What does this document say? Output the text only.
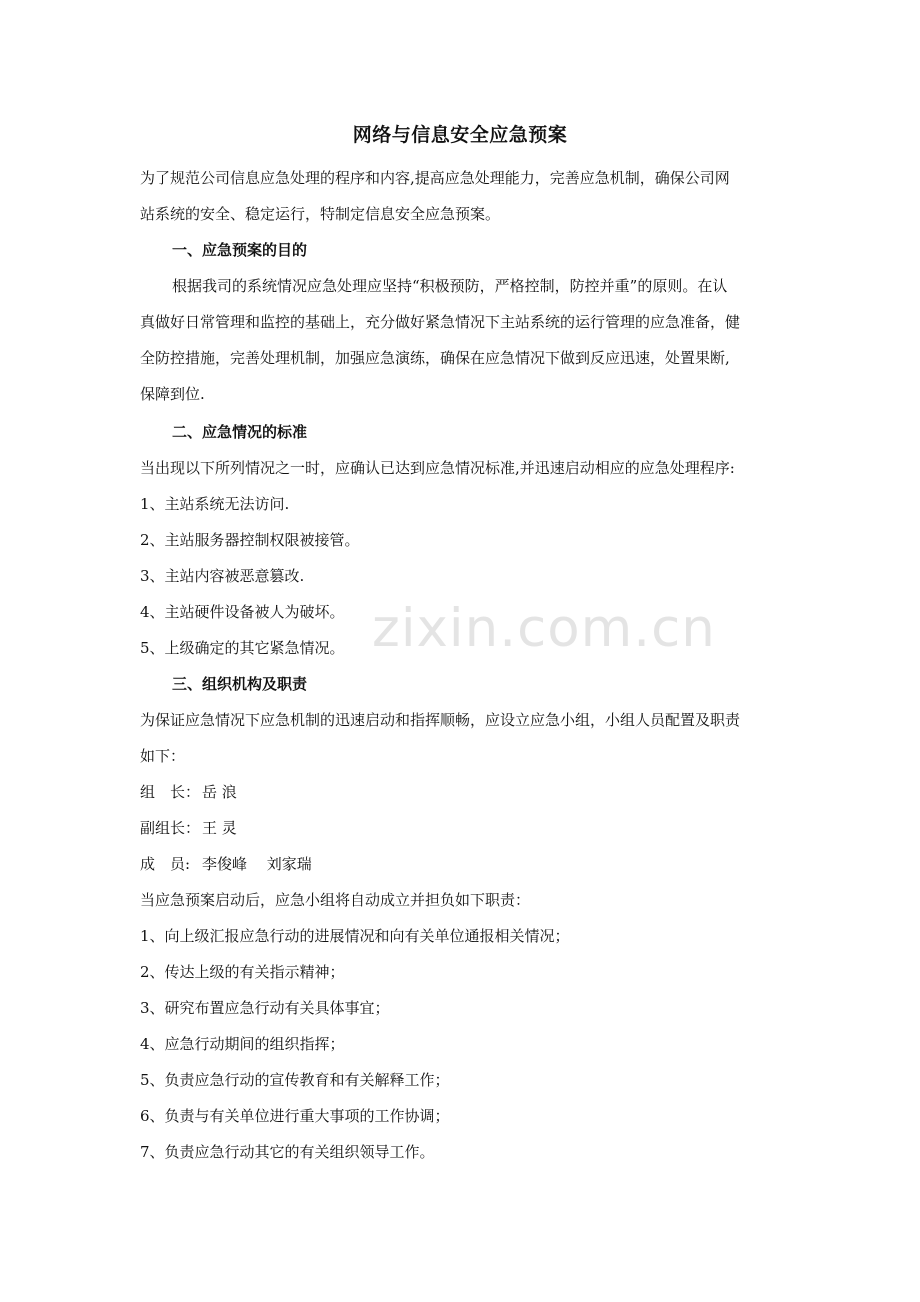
zixin.com.cn
网络与信息安全应急预案
为了规范公司信息应急处理的程序和内容,提高应急处理能力，完善应急机制，确保公司网
站系统的安全、稳定运行，特制定信息安全应急预案。
一、应急预案的目的
根据我司的系统情况应急处理应坚持“积极预防，严格控制，防控并重”的原则。在认
真做好日常管理和监控的基础上，充分做好紧急情况下主站系统的运行管理的应急准备，健
全防控措施，完善处理机制，加强应急演练，确保在应急情况下做到反应迅速，处置果断,
保障到位.
二、应急情况的标准
当出现以下所列情况之一时，应确认已达到应急情况标准,并迅速启动相应的应急处理程序:
1、主站系统无法访问.
2、主站服务器控制权限被接管。
3、主站内容被恶意篡改.
4、主站硬件设备被人为破坏。
5、上级确定的其它紧急情况。
三、组织机构及职责
为保证应急情况下应急机制的迅速启动和指挥顺畅，应设立应急小组，小组人员配置及职责
如下：
组　长： 岳 浪
副组长： 王 灵
成　员: 李俊峰　 刘家瑞
当应急预案启动后，应急小组将自动成立并担负如下职责：
1、向上级汇报应急行动的进展情况和向有关单位通报相关情况；
2、传达上级的有关指示精神；
3、研究布置应急行动有关具体事宜；
4、应急行动期间的组织指挥；
5、负责应急行动的宣传教育和有关解释工作；
6、负责与有关单位进行重大事项的工作协调；
7、负责应急行动其它的有关组织领导工作。
